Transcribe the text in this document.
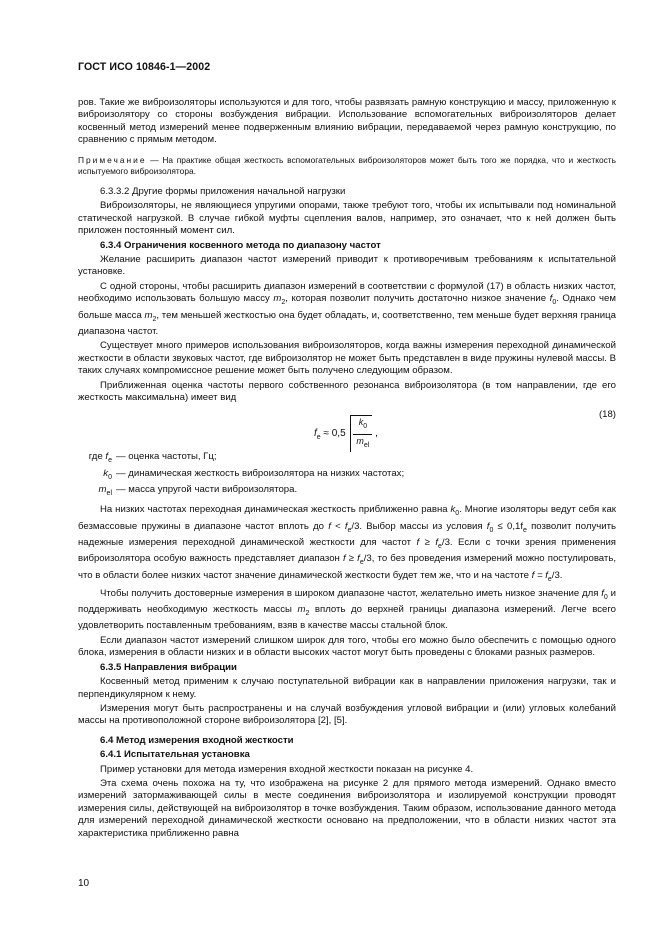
ГОСТ ИСО 10846-1—2002

ров. Такие же виброизоляторы используются и для того, чтобы развязать рамную конструкцию и массу, приложенную к виброизолятору со стороны возбуждения вибрации. Использование вспомогательных виброизоляторов делает косвенный метод измерений менее подверженным влиянию вибрации, передаваемой через рамную конструкцию, по сравнению с прямым методом.

Примечание — На практике общая жесткость вспомогательных виброизоляторов может быть того же порядка, что и жесткость испытуемого виброизолятора.

6.3.3.2 Другие формы приложения начальной нагрузки

Виброизоляторы, не являющиеся упругими опорами, также требуют того, чтобы их испытывали под номинальной статической нагрузкой. В случае гибкой муфты сцепления валов, например, это означает, что к ней должен быть приложен постоянный момент сил.

6.3.4 Ограничения косвенного метода по диапазону частот

Желание расширить диапазон частот измерений приводит к противоречивым требованиям к испытательной установке.

С одной стороны, чтобы расширить диапазон измерений в соответствии с формулой (17) в область низких частот, необходимо использовать большую массу $m_2$, которая позволит получить достаточно низкое значение $f_0$. Однако чем больше масса $m_2$, тем меньшей жесткостью она будет обладать, и, соответственно, тем меньше будет верхняя граница диапазона частот.

Существует много примеров использования виброизоляторов, когда важны измерения переходной динамической жесткости в области звуковых частот, где виброизолятор не может быть представлен в виде пружины нулевой массы. В таких случаях компромиссное решение может быть получено следующим образом.

Приближенная оценка частоты первого собственного резонанса виброизолятора (в том направлении, где его жесткость максимальна) имеет вид

$f_e \approx 0,5 \frac{k_0}{m_{el}}$ ,
(18)
где $f_e$ — оценка частоты, Гц;
$k_0$ — динамическая жесткость виброизолятора на низких частотах;
$m_{el}$ — масса упругой части виброизолятора.

На низких частотах переходная динамическая жесткость приближенно равна $k_0$. Многие изоляторы ведут себя как безмассовые пружины в диапазоне частот вплоть до $f < f_e/3$. Выбор массы из условия $f_0 \le 0,1f_e$ позволит получить надежные измерения переходной динамической жесткости для частот $f \ge f_e/3$. Если с точки зрения применения виброизолятора особую важность представляет диапазон $f \ge f_e/3$, то без проведения измерений можно постулировать, что в области более низких частот значение динамической жесткости будет тем же, что и на частоте $f = f_e/3$.

Чтобы получить достоверные измерения в широком диапазоне частот, желательно иметь низкое значение для $f_0$ и поддерживать необходимую жесткость массы $m_2$ вплоть до верхней границы диапазона измерений. Легче всего удовлетворить поставленным требованиям, взяв в качестве массы стальной блок.

Если диапазон частот измерений слишком широк для того, чтобы его можно было обеспечить с помощью одного блока, измерения в области низких и в области высоких частот могут быть проведены с блоками разных размеров.

6.3.5 Направления вибрации

Косвенный метод применим к случаю поступательной вибрации как в направлении приложения нагрузки, так и перпендикулярном к нему.

Измерения могут быть распространены и на случай возбуждения угловой вибрации и (или) угловых колебаний массы на противоположной стороне виброизолятора [2], [5].

6.4 Метод измерения входной жесткости

6.4.1 Испытательная установка

Пример установки для метода измерения входной жесткости показан на рисунке 4.

Эта схема очень похожа на ту, что изображена на рисунке 2 для прямого метода измерений. Однако вместо измерений затормаживающей силы в месте соединения виброизолятора и изолируемой конструкции проводят измерения силы, действующей на виброизолятор в точке возбуждения. Таким образом, использование данного метода для измерений переходной динамической жесткости основано на предположении, что в области низких частот эта характеристика приближенно равна

10
